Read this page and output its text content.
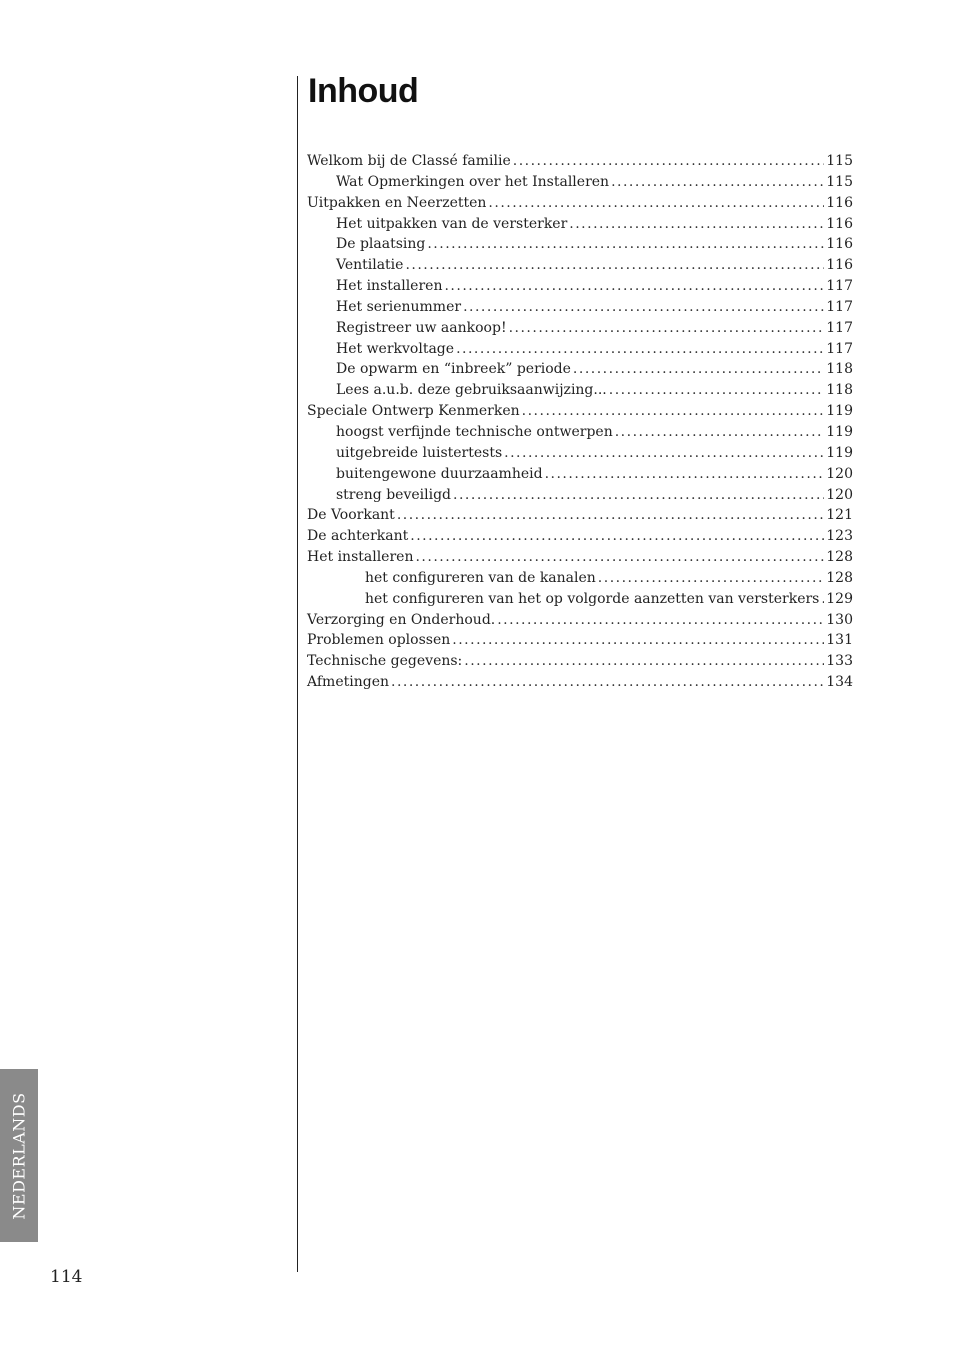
Inhoud
Welkom bij de Classé familie .....	115
Wat Opmerkingen over het Installeren .....	115
Uitpakken en Neerzetten .....	116
Het uitpakken van de versterker .....	116
De plaatsing .....	116
Ventilatie .....	116
Het installeren .....	117
Het serienummer .....	117
Registreer uw aankoop! .....	117
Het werkvoltage .....	117
De opwarm en “inbreek” periode .....	118
Lees a.u.b. deze gebruiksaanwijzing... .....	118
Speciale Ontwerp Kenmerken .....	119
hoogst verfijnde technische ontwerpen .....	119
uitgebreide luistertests .....	119
buitengewone duurzaamheid .....	120
streng beveiligd .....	120
De Voorkant .....	121
De achterkant .....	123
Het installeren .....	128
het configureren van de kanalen .....	128
het configureren van het op volgorde aanzetten van versterkers ..... 129
Verzorging en Onderhoud. .....	130
Problemen oplossen .....	131
Technische gegevens: .....	133
Afmetingen .....	134
NEDERLANDS
114
